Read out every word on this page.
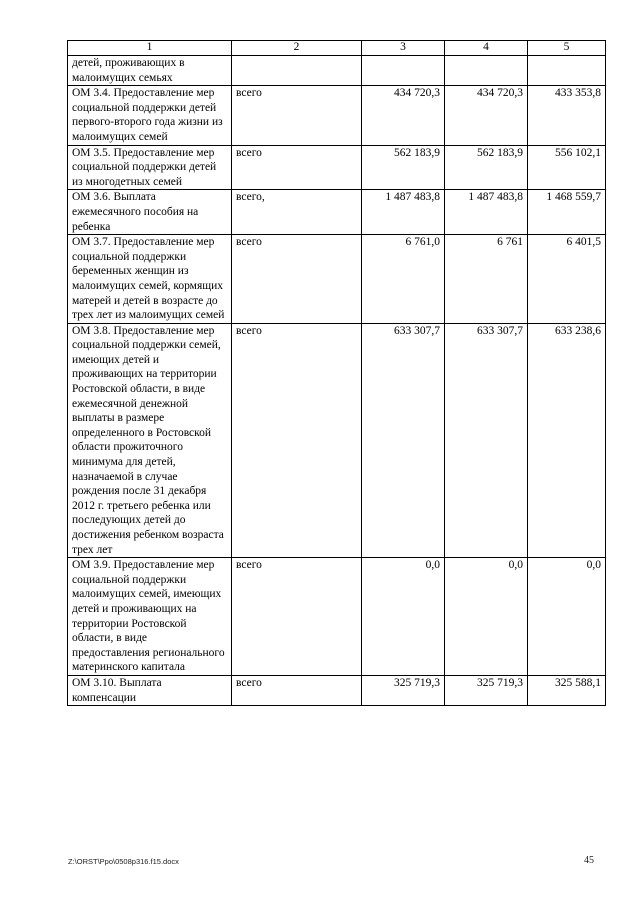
1	2	3	4	5
детей, проживающих в малоимущих семьях				
ОМ 3.4. Предоставление мер социальной поддержки детей первого-второго года жизни из малоимущих семей	всего	434 720,3	434 720,3	433 353,8
ОМ 3.5. Предоставление мер социальной поддержки детей из многодетных семей	всего	562 183,9	562 183,9	556 102,1
ОМ 3.6. Выплата ежемесячного пособия на ребенка	всего,	1 487 483,8	1 487 483,8	1 468 559,7
ОМ 3.7. Предоставление мер социальной поддержки беременных женщин из малоимущих семей, кормящих матерей и детей в возрасте до трех лет из малоимущих семей	всего	6 761,0	6 761	6 401,5
ОМ 3.8. Предоставление мер социальной поддержки семей, имеющих детей и проживающих на территории Ростовской области, в виде ежемесячной денежной выплаты в размере определенного в Ростовской области прожиточного минимума для детей, назначаемой в случае рождения после 31 декабря 2012 г. третьего ребенка или последующих детей до достижения ребенком возраста трех лет	всего	633 307,7	633 307,7	633 238,6
ОМ 3.9. Предоставление мер социальной поддержки малоимущих семей, имеющих детей и проживающих на территории Ростовской области, в виде предоставления регионального материнского капитала	всего	0,0	0,0	0,0
ОМ 3.10. Выплата компенсации	всего	325 719,3	325 719,3	325 588,1
Z:\ORST\Ppo\0508p316.f15.docx	45
